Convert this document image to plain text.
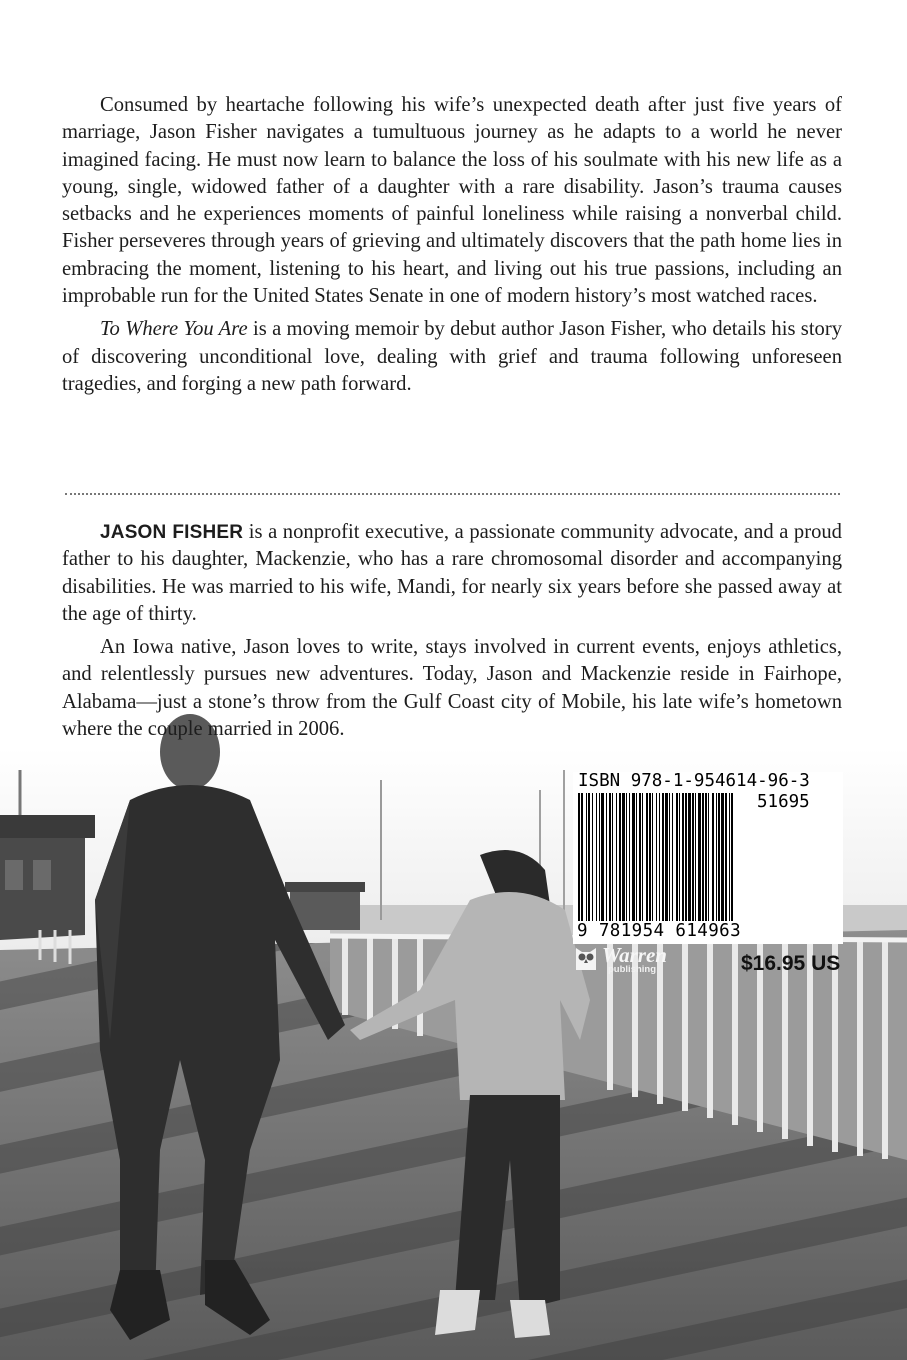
Consumed by heartache following his wife’s unexpected death after just five years of marriage, Jason Fisher navigates a tumultuous journey as he adapts to a world he never imagined facing. He must now learn to balance the loss of his soulmate with his new life as a young, single, widowed father of a daughter with a rare disability. Jason’s trauma causes setbacks and he experiences moments of painful loneliness while raising a nonverbal child. Fisher perseveres through years of grieving and ultimately discovers that the path home lies in embracing the moment, listening to his heart, and living out his true passions, including an improbable run for the United States Senate in one of modern history’s most watched races.

To Where You Are is a moving memoir by debut author Jason Fisher, who details his story of discovering unconditional love, dealing with grief and trauma following unforeseen tragedies, and forging a new path forward.

JASON FISHER is a nonprofit executive, a passionate community advocate, and a proud father to his daughter, Mackenzie, who has a rare chromosomal disorder and accompanying disabilities. He was married to his wife, Mandi, for nearly six years before she passed away at the age of thirty.

An Iowa native, Jason loves to write, stays involved in current events, enjoys athletics, and relentlessly pursues new adventures. Today, Jason and Mackenzie reside in Fairhope, Alabama—just a stone’s throw from the Gulf Coast city of Mobile, his late wife’s hometown where the couple married in 2006.

ISBN 978-1-954614-96-3
51695
9 781954 614963
Warren
publishing	$16.95 US
